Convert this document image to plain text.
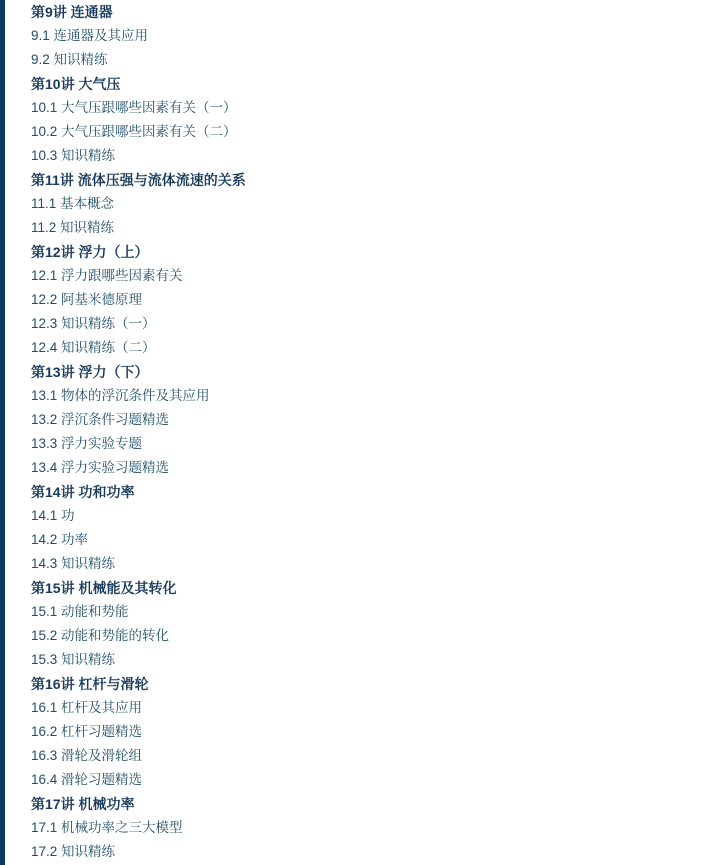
第9讲 连通器
9.1 连通器及其应用
9.2 知识精练
第10讲 大气压
10.1 大气压跟哪些因素有关（一）
10.2 大气压跟哪些因素有关（二）
10.3 知识精练
第11讲 流体压强与流体流速的关系
11.1 基本概念
11.2 知识精练
第12讲 浮力（上）
12.1 浮力跟哪些因素有关
12.2 阿基米德原理
12.3 知识精练（一）
12.4 知识精练（二）
第13讲 浮力（下）
13.1 物体的浮沉条件及其应用
13.2 浮沉条件习题精选
13.3 浮力实验专题
13.4 浮力实验习题精选
第14讲 功和功率
14.1 功
14.2 功率
14.3 知识精练
第15讲 机械能及其转化
15.1 动能和势能
15.2 动能和势能的转化
15.3 知识精练
第16讲 杠杆与滑轮
16.1 杠杆及其应用
16.2 杠杆习题精选
16.3 滑轮及滑轮组
16.4 滑轮习题精选
第17讲 机械功率
17.1 机械功率之三大模型
17.2 知识精练
